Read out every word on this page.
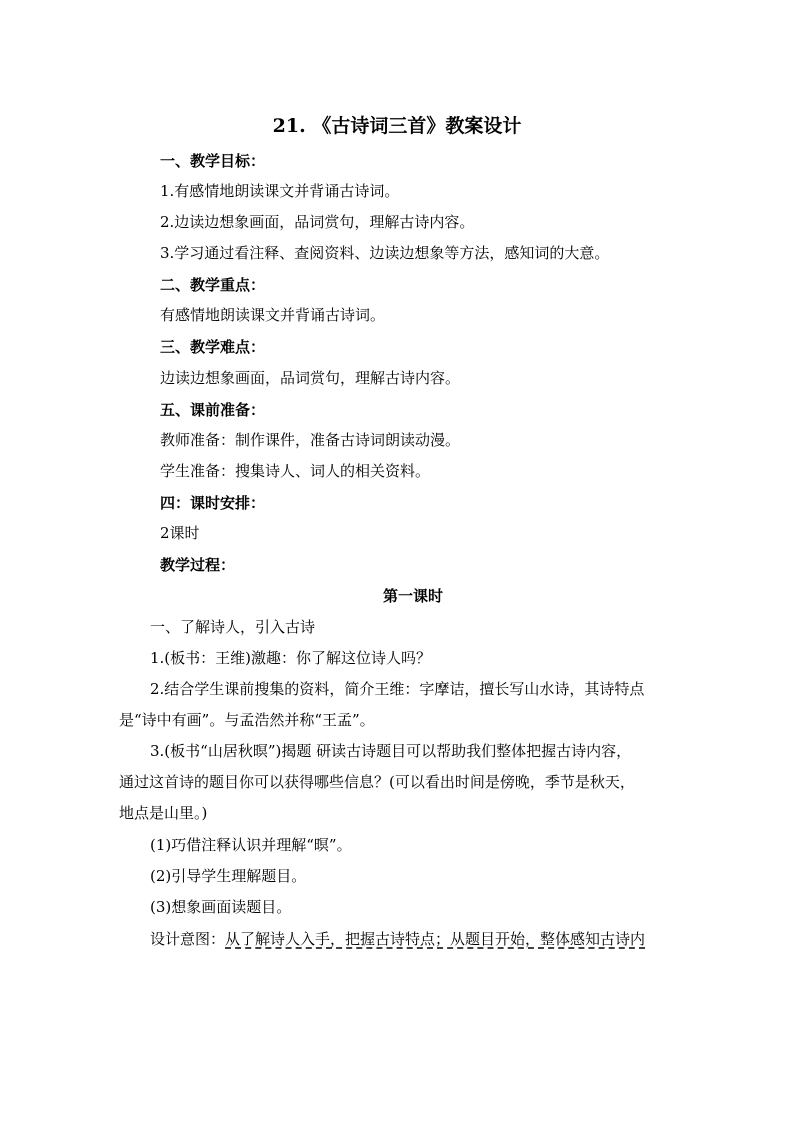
21. 《古诗词三首》教案设计
一、教学目标：
1.有感情地朗读课文并背诵古诗词。
2.边读边想象画面，品词赏句，理解古诗内容。
3.学习通过看注释、查阅资料、边读边想象等方法，感知词的大意。
二、教学重点：
有感情地朗读课文并背诵古诗词。
三、教学难点：
边读边想象画面，品词赏句，理解古诗内容。
五、课前准备：
教师准备：制作课件，准备古诗词朗读动漫。
学生准备：搜集诗人、词人的相关资料。
四：课时安排：
2课时
教学过程：
第一课时
一、了解诗人，引入古诗
1.(板书：王维)激趣：你了解这位诗人吗？
2.结合学生课前搜集的资料，简介王维：字摩诘，擅长写山水诗，其诗特点
是“诗中有画”。与孟浩然并称“王孟”。
3.(板书“山居秋暝”)揭题 研读古诗题目可以帮助我们整体把握古诗内容，
通过这首诗的题目你可以获得哪些信息？(可以看出时间是傍晚，季节是秋天，
地点是山里。)
(1)巧借注释认识并理解“暝”。
(2)引导学生理解题目。
(3)想象画面读题目。
设计意图：从了解诗人入手，把握古诗特点；从题目开始，整体感知古诗内
